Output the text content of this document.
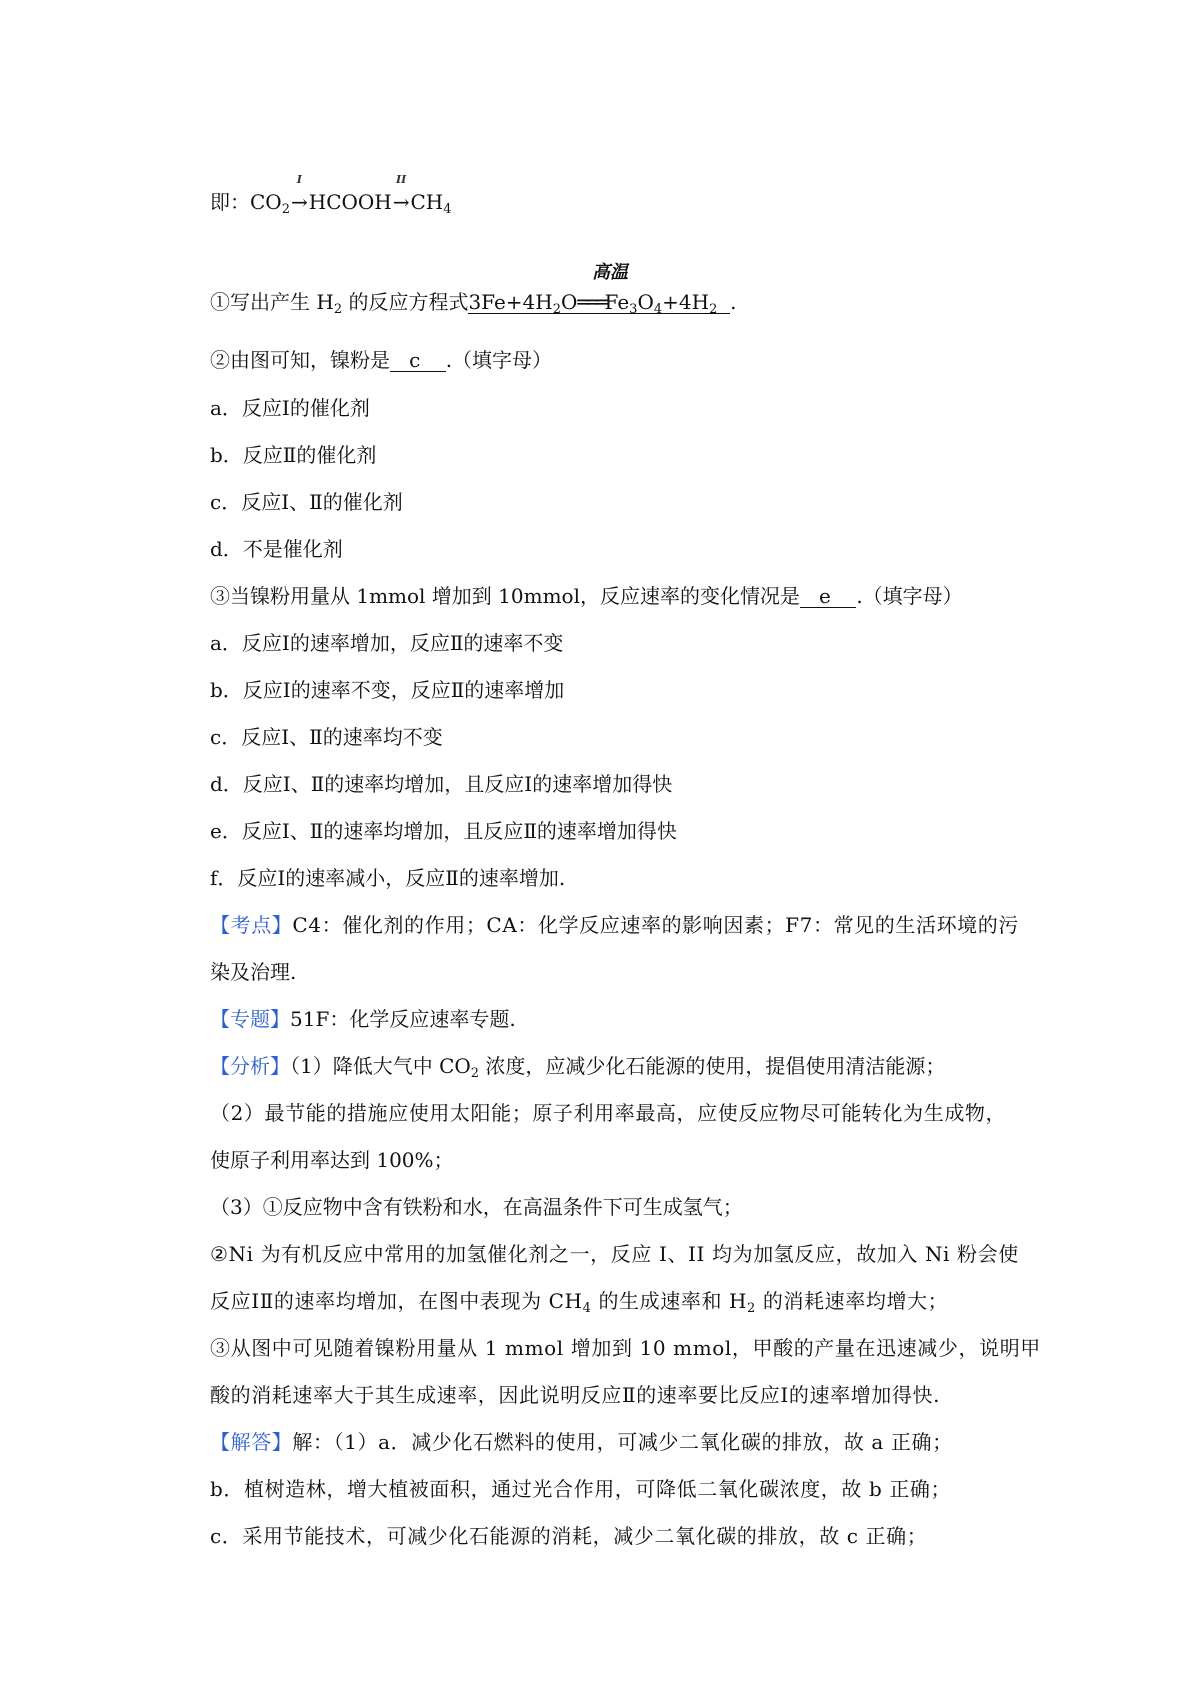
即：$CO_2$
I
→HCOOH
II
$\to CH_4$
高温
①写出产生 $H_2$ 的反应方程式$3Fe+4H_2O═══Fe_3O_4+4H_2$ .
②由图可知，镍粉是   c    .（填字母）
a．反应Ⅰ的催化剂
b．反应Ⅱ的催化剂
c．反应Ⅰ、Ⅱ的催化剂
d．不是催化剂
③当镍粉用量从 1mmol 增加到 10mmol，反应速率的变化情况是   e    .（填字母）
a．反应Ⅰ的速率增加，反应Ⅱ的速率不变
b．反应Ⅰ的速率不变，反应Ⅱ的速率增加
c．反应Ⅰ、Ⅱ的速率均不变
d．反应Ⅰ、Ⅱ的速率均增加，且反应Ⅰ的速率增加得快
e．反应Ⅰ、Ⅱ的速率均增加，且反应Ⅱ的速率增加得快
f．反应Ⅰ的速率减小，反应Ⅱ的速率增加.
【考点】C4：催化剂的作用；CA：化学反应速率的影响因素；F7：常见的生活环境的污
染及治理.
【专题】51F：化学反应速率专题.
【分析】（1）降低大气中 $CO_2$ 浓度，应减少化石能源的使用，提倡使用清洁能源；
（2）最节能的措施应使用太阳能；原子利用率最高，应使反应物尽可能转化为生成物，
使原子利用率达到 100%；
（3）①反应物中含有铁粉和水，在高温条件下可生成氢气；
②Ni 为有机反应中常用的加氢催化剂之一，反应 I、II 均为加氢反应，故加入 Ni 粉会使
反应ⅠⅡ的速率均增加，在图中表现为 $CH_4$ 的生成速率和 $H_2$ 的消耗速率均增大；
③从图中可见随着镍粉用量从 1 mmol 增加到 10 mmol，甲酸的产量在迅速减少，说明甲
酸的消耗速率大于其生成速率，因此说明反应Ⅱ的速率要比反应Ⅰ的速率增加得快.
【解答】解：（1）a．减少化石燃料的使用，可减少二氧化碳的排放，故 a 正确；
b．植树造林，增大植被面积，通过光合作用，可降低二氧化碳浓度，故 b 正确；
c．采用节能技术，可减少化石能源的消耗，减少二氧化碳的排放，故 c 正确；
